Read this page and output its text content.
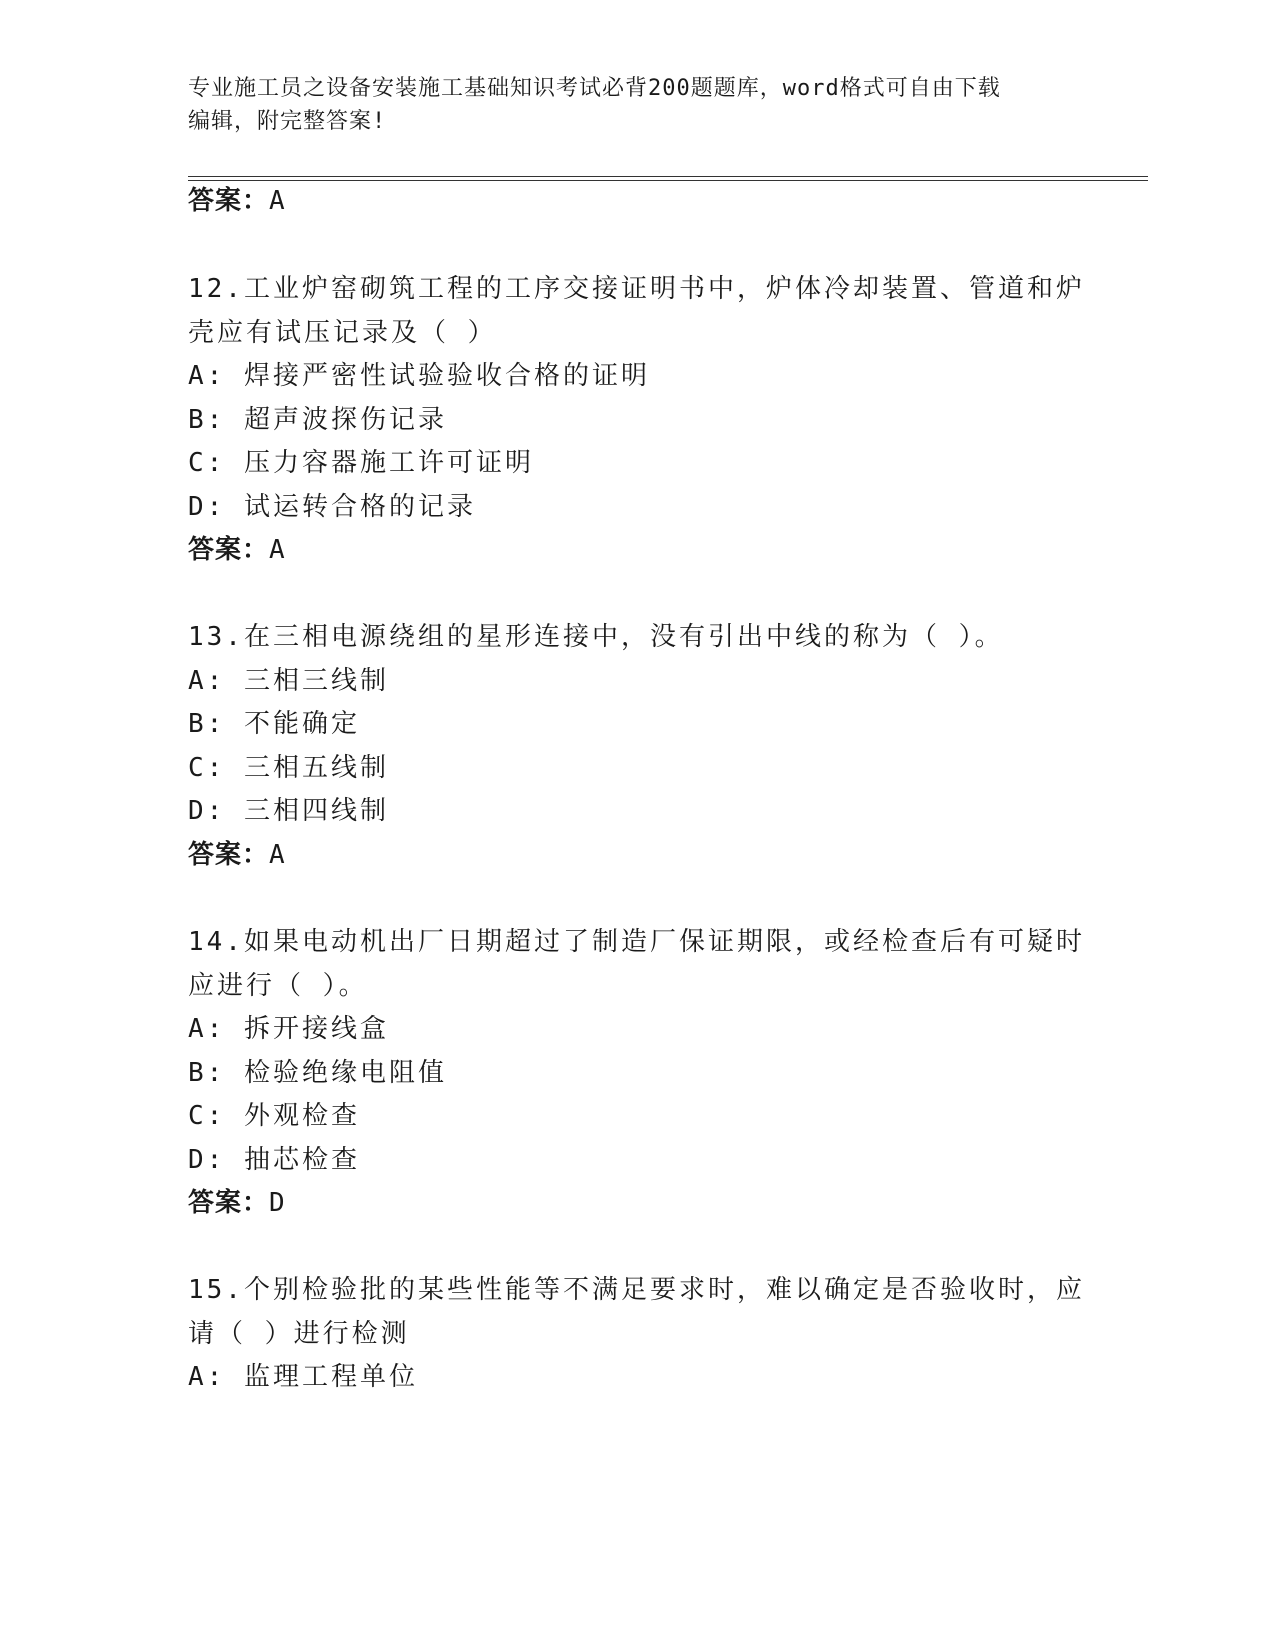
专业施工员之设备安装施工基础知识考试必背200题题库，word格式可自由下载
编辑，附完整答案!
答案：A
12.工业炉窑砌筑工程的工序交接证明书中，炉体冷却装置、管道和炉
壳应有试压记录及（ ）
A: 焊接严密性试验验收合格的证明
B: 超声波探伤记录
C: 压力容器施工许可证明
D: 试运转合格的记录
答案：A
13.在三相电源绕组的星形连接中，没有引出中线的称为（ ）。
A: 三相三线制
B: 不能确定
C: 三相五线制
D: 三相四线制
答案：A
14.如果电动机出厂日期超过了制造厂保证期限，或经检查后有可疑时
应进行（ ）。
A: 拆开接线盒
B: 检验绝缘电阻值
C: 外观检查
D: 抽芯检查
答案：D
15.个别检验批的某些性能等不满足要求时，难以确定是否验收时，应
请（ ）进行检测
A: 监理工程单位
